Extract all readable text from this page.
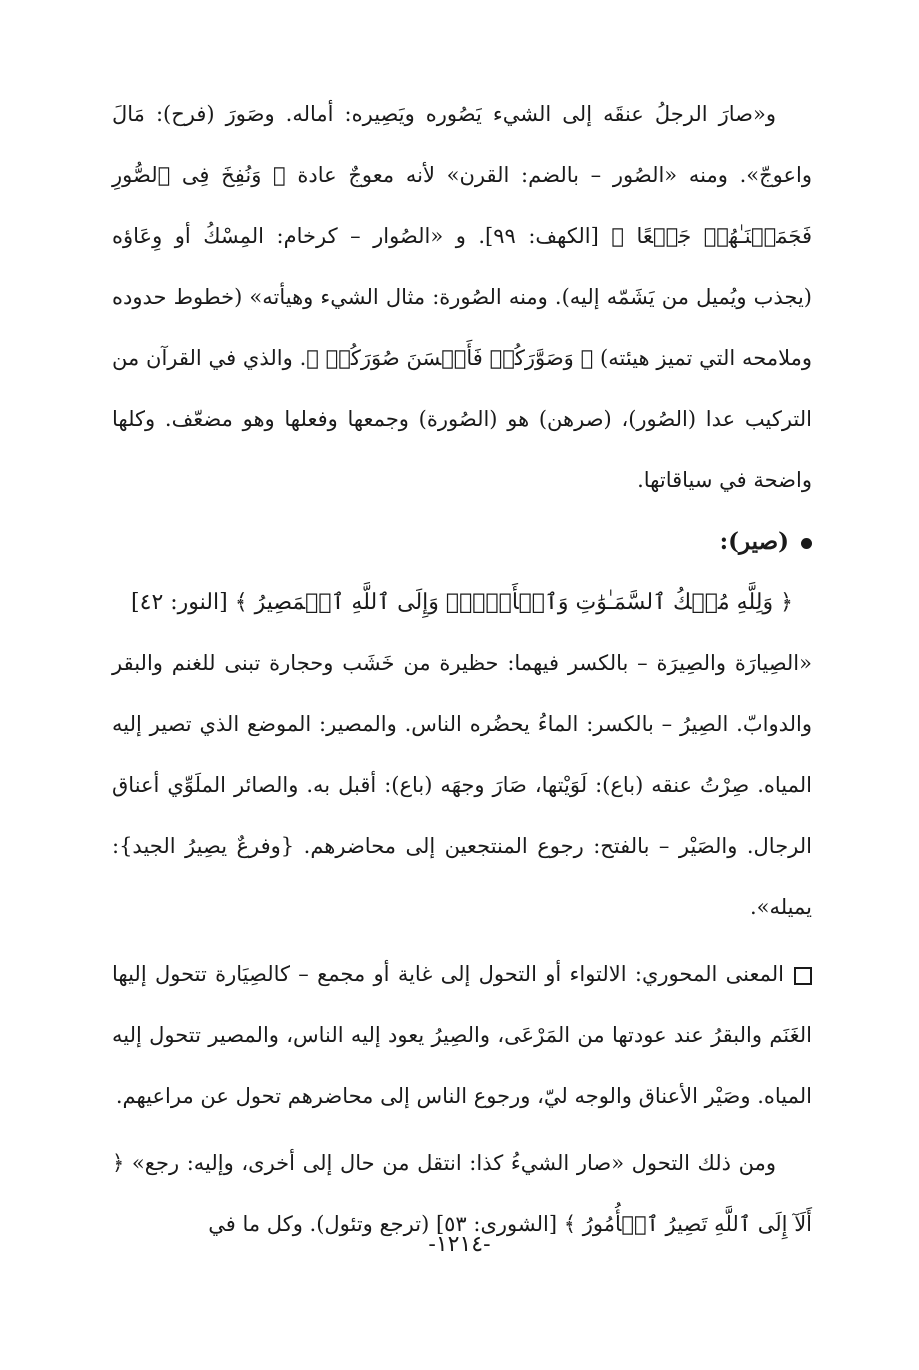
و«صارَ الرجلُ عنقَه إلى الشيء يَصُوره ويَصِيره: أماله. وصَورَ (فرح): مَالَ واعوجّ». ومنه «الصُور – بالضم: القرن» لأنه معوجٌ عادة ﴿ وَنُفِخَ فِى ٱلصُّورِ فَجَمَعۡنَـٰهُمۡ جَمۡعًا ﴾ [الكهف: ٩٩]. و «الصُوار – كرخام: المِسْكُ أو وِعَاؤه (يجذب ويُميل من يَشَمّه إليه). ومنه الصُورة: مثال الشيء وهيأته» (خطوط حدوده وملامحه التي تميز هيئته) ﴿ وَصَوَّرَكُمۡ فَأَحۡسَنَ صُوَرَكُمۡ ﴾. والذي في القرآن من التركيب عدا (الصُور)، (صرهن) هو (الصُورة) وجمعها وفعلها وهو مضعّف. وكلها واضحة في سياقاتها.

(صير):

﴿ وَلِلَّهِ مُلۡكُ ٱلسَّمَـٰوَٰتِ وَٱلۡأَرۡضِۖ وَإِلَى ٱللَّهِ ٱلۡمَصِيرُ ﴾ [النور: ٤٢]

«الصِيارَة والصِيرَة – بالكسر فيهما: حظيرة من خَشَب وحجارة تبنى للغنم والبقر والدوابّ. الصِيرُ – بالكسر: الماءُ يحضُره الناس. والمصير: الموضع الذي تصير إليه المياه. صِرْتُ عنقه (باع): لَوَيْتها، صَارَ وجهَه (باع): أقبل به. والصائر الملَوِّي أعناق الرجال. والصَيْر – بالفتح: رجوع المنتجعين إلى محاضرهم. {وفرعٌ يصِيرُ الجيد}: يميله».

المعنى المحوري: الالتواء أو التحول إلى غاية أو مجمع – كالصِيَارة تتحول إليها الغَنَم والبقرُ عند عودتها من المَرْعَى، والصِيرُ يعود إليه الناس، والمصير تتحول إليه المياه. وصَيْر الأعناق والوجه ليّ، ورجوع الناس إلى محاضرهم تحول عن مراعيهم.

ومن ذلك التحول «صار الشيءُ كذا: انتقل من حال إلى أخرى، وإليه: رجع» ﴿ أَلَآ إِلَى ٱللَّهِ تَصِيرُ ٱلۡأُمُورُ ﴾ [الشورى: ٥٣] (ترجع وتئول). وكل ما في

-١٢١٤-
